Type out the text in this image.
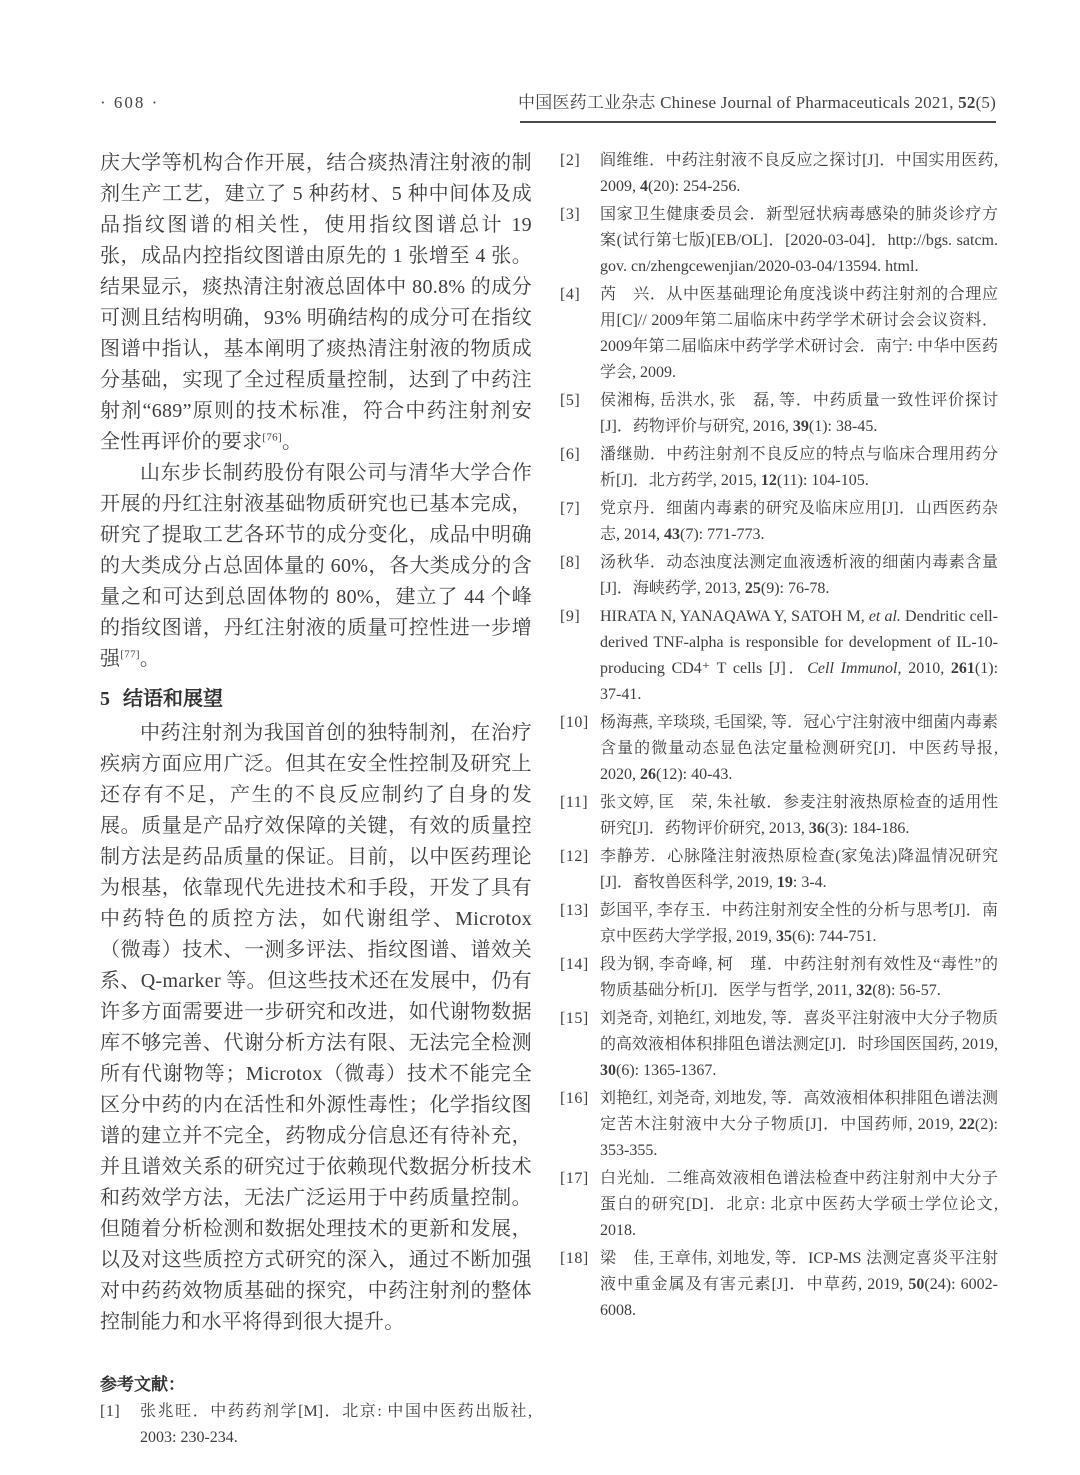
· 608 ·	中国医药工业杂志 Chinese Journal of Pharmaceuticals 2021, 52(5)

庆大学等机构合作开展，结合痰热清注射液的制剂生产工艺，建立了 5 种药材、5 种中间体及成品指纹图谱的相关性，使用指纹图谱总计 19 张，成品内控指纹图谱由原先的 1 张增至 4 张。结果显示，痰热清注射液总固体中 80.8% 的成分可测且结构明确，93% 明确结构的成分可在指纹图谱中指认，基本阐明了痰热清注射液的物质成分基础，实现了全过程质量控制，达到了中药注射剂“689”原则的技术标准，符合中药注射剂安全性再评价的要求[76]。

山东步长制药股份有限公司与清华大学合作开展的丹红注射液基础物质研究也已基本完成，研究了提取工艺各环节的成分变化，成品中明确的大类成分占总固体量的 60%，各大类成分的含量之和可达到总固体物的 80%，建立了 44 个峰的指纹图谱，丹红注射液的质量可控性进一步增强[77]。

5 结语和展望

中药注射剂为我国首创的独特制剂，在治疗疾病方面应用广泛。但其在安全性控制及研究上还存有不足，产生的不良反应制约了自身的发展。质量是产品疗效保障的关键，有效的质量控制方法是药品质量的保证。目前，以中医药理论为根基，依靠现代先进技术和手段，开发了具有中药特色的质控方法，如代谢组学、Microtox（微毒）技术、一测多评法、指纹图谱、谱效关系、Q-marker 等。但这些技术还在发展中，仍有许多方面需要进一步研究和改进，如代谢物数据库不够完善、代谢分析方法有限、无法完全检测所有代谢物等；Microtox（微毒）技术不能完全区分中药的内在活性和外源性毒性；化学指纹图谱的建立并不完全，药物成分信息还有待补充，并且谱效关系的研究过于依赖现代数据分析技术和药效学方法，无法广泛运用于中药质量控制。但随着分析检测和数据处理技术的更新和发展，以及对这些质控方式研究的深入，通过不断加强对中药药效物质基础的探究，中药注射剂的整体控制能力和水平将得到很大提升。

参考文献：
[1]	张兆旺．中药药剂学[M]．北京: 中国中医药出版社, 2003: 230-234.
[2]	阎维维．中药注射液不良反应之探讨[J]．中国实用医药, 2009, 4(20): 254-256.
[3]	国家卫生健康委员会．新型冠状病毒感染的肺炎诊疗方案(试行第七版)[EB/OL]．[2020-03-04]．http://bgs. satcm. gov. cn/zhengcewenjian/2020-03-04/13594. html.
[4]	芮　兴．从中医基础理论角度浅谈中药注射剂的合理应用[C]// 2009年第二届临床中药学学术研讨会会议资料．2009年第二届临床中药学学术研讨会．南宁: 中华中医药学会, 2009.
[5]	侯湘梅, 岳洪水, 张　磊, 等．中药质量一致性评价探讨[J]．药物评价与研究, 2016, 39(1): 38-45.
[6]	潘继勋．中药注射剂不良反应的特点与临床合理用药分析[J]．北方药学, 2015, 12(11): 104-105.
[7]	党京丹．细菌内毒素的研究及临床应用[J]．山西医药杂志, 2014, 43(7): 771-773.
[8]	汤秋华．动态浊度法测定血液透析液的细菌内毒素含量[J]．海峡药学, 2013, 25(9): 76-78.
[9]	HIRATA N, YANAQAWA Y, SATOH M, et al. Dendritic cell-derived TNF-alpha is responsible for development of IL-10-producing CD4⁺ T cells [J]．Cell Immunol, 2010, 261(1): 37-41.
[10] 杨海燕, 辛琰琰, 毛国梁, 等．冠心宁注射液中细菌内毒素含量的微量动态显色法定量检测研究[J]．中医药导报, 2020, 26(12): 40-43.
[11] 张文婷, 匡　荣, 朱社敏．参麦注射液热原检查的适用性研究[J]．药物评价研究, 2013, 36(3): 184-186.
[12] 李静芳．心脉隆注射液热原检查(家兔法)降温情况研究[J]．畜牧兽医科学, 2019, 19: 3-4.
[13] 彭国平, 李存玉．中药注射剂安全性的分析与思考[J]．南京中医药大学学报, 2019, 35(6): 744-751.
[14] 段为钢, 李奇峰, 柯　瑾．中药注射剂有效性及“毒性”的物质基础分析[J]．医学与哲学, 2011, 32(8): 56-57.
[15] 刘尧奇, 刘艳红, 刘地发, 等．喜炎平注射液中大分子物质的高效液相体积排阻色谱法测定[J]．时珍国医国药, 2019, 30(6): 1365-1367.
[16] 刘艳红, 刘尧奇, 刘地发, 等．高效液相体积排阻色谱法测定苦木注射液中大分子物质[J]．中国药师, 2019, 22(2): 353-355.
[17] 白光灿．二维高效液相色谱法检查中药注射剂中大分子蛋白的研究[D]．北京: 北京中医药大学硕士学位论文, 2018.
[18] 梁　佳, 王章伟, 刘地发, 等．ICP-MS 法测定喜炎平注射液中重金属及有害元素[J]．中草药, 2019, 50(24): 6002-6008.
